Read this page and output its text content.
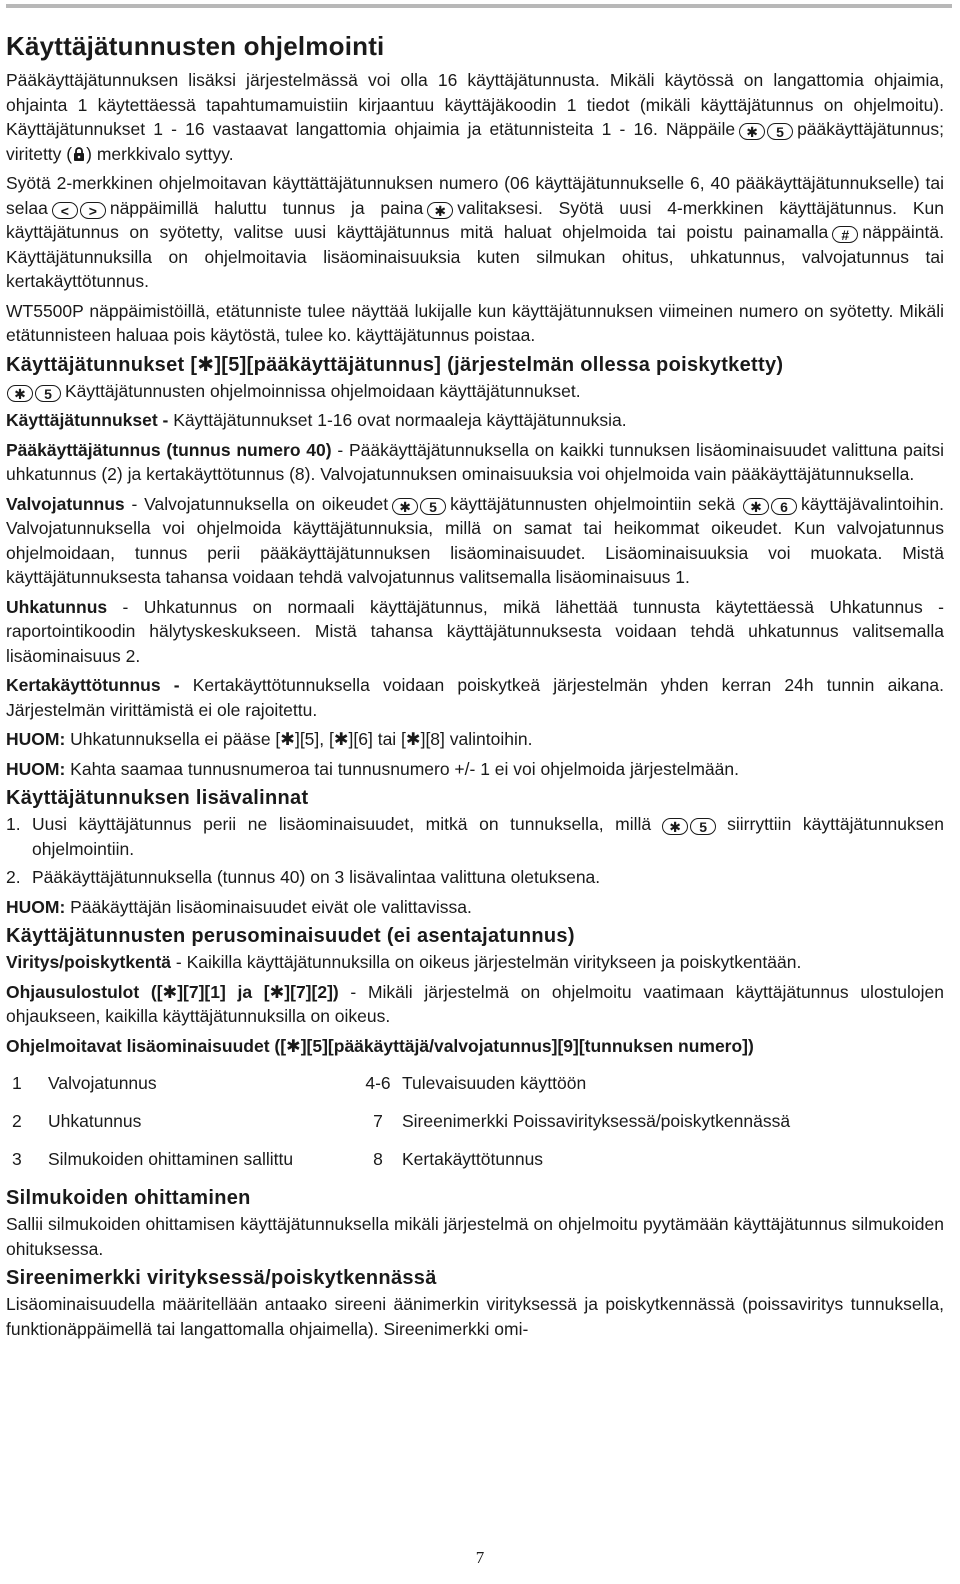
Käyttäjätunnusten ohjelmointi

Pääkäyttäjätunnuksen lisäksi järjestelmässä voi olla 16 käyttäjätunnusta. Mikäli käytössä on langattomia ohjaimia, ohjainta 1 käytettäessä tapahtumamuistiin kirjaantuu käyttäjäkoodin 1 tiedot (mikäli käyttäjätunnus on ohjelmoitu). Käyttäjätunnukset 1 - 16 vastaavat langattomia ohjaimia ja etätunnisteita 1 - 16. Näppäile ✱ 5 pääkäyttäjätunnus; viritetty ( ) merkkivalo syttyy.

Syötä 2-merkkinen ohjelmoitavan käyttättäjätunnuksen numero (06 käyttäjätunnukselle 6, 40 pääkäyttäjätunnukselle) tai selaa < > näppäimillä haluttu tunnus ja paina ✱ valitaksesi. Syötä uusi 4-merkkinen käyttäjätunnus. Kun käyttäjätunnus on syötetty, valitse uusi käyttäjätunnus mitä haluat ohjelmoida tai poistu painamalla # näppäintä. Käyttäjätunnuksilla on ohjelmoitavia lisäominaisuuksia kuten silmukan ohitus, uhkatunnus, valvojatunnus tai kertakäyttötunnus.

WT5500P näppäimistöillä, etätunniste tulee näyttää lukijalle kun käyttäjätunnuksen viimeinen numero on syötetty. Mikäli etätunnisteen haluaa pois käytöstä, tulee ko. käyttäjätunnus poistaa.

Käyttäjätunnukset [✱][5][pääkäyttäjätunnus] (järjestelmän ollessa poiskytketty)

✱ 5 Käyttäjätunnusten ohjelmoinnissa ohjelmoidaan käyttäjätunnukset.

Käyttäjätunnukset - Käyttäjätunnukset 1-16 ovat normaaleja käyttäjätunnuksia.

Pääkäyttäjätunnus (tunnus numero 40) - Pääkäyttäjätunnuksella on kaikki tunnuksen lisäominaisuudet valittuna paitsi uhkatunnus (2) ja kertakäyttötunnus (8). Valvojatunnuksen ominaisuuksia voi ohjelmoida vain pääkäyttäjätunnuksella.

Valvojatunnus - Valvojatunnuksella on oikeudet ✱ 5 käyttäjätunnusten ohjelmointiin sekä ✱ 6 käyttäjävalintoihin. Valvojatunnuksella voi ohjelmoida käyttäjätunnuksia, millä on samat tai heikommat oikeudet. Kun valvojatunnus ohjelmoidaan, tunnus perii pääkäyttäjätunnuksen lisäominaisuudet. Lisäominaisuuksia voi muokata. Mistä käyttäjätunnuksesta tahansa voidaan tehdä valvojatunnus valitsemalla lisäominaisuus 1.

Uhkatunnus - Uhkatunnus on normaali käyttäjätunnus, mikä lähettää tunnusta käytettäessä Uhkatunnus -raportointikoodin hälytyskeskukseen. Mistä tahansa käyttäjätunnuksesta voidaan tehdä uhkatunnus valitsemalla lisäominaisuus 2.

Kertakäyttötunnus - Kertakäyttötunnuksella voidaan poiskytkeä järjestelmän yhden kerran 24h tunnin aikana. Järjestelmän virittämistä ei ole rajoitettu.

HUOM: Uhkatunnuksella ei pääse [✱][5], [✱][6] tai [✱][8] valintoihin.

HUOM: Kahta saamaa tunnusnumeroa tai tunnusnumero +/- 1 ei voi ohjelmoida järjestelmään.

Käyttäjätunnuksen lisävalinnat
1. Uusi käyttäjätunnus perii ne lisäominaisuudet, mitkä on tunnuksella, millä ✱ 5 siirryttiin käyttäjätunnuksen ohjelmointiin.
2. Pääkäyttäjätunnuksella (tunnus 40) on 3 lisävalintaa valittuna oletuksena.

HUOM: Pääkäyttäjän lisäominaisuudet eivät ole valittavissa.

Käyttäjätunnusten perusominaisuudet (ei asentajatunnus)

Viritys/poiskytkentä - Kaikilla käyttäjätunnuksilla on oikeus järjestelmän viritykseen ja poiskytkentään.

Ohjausulostulot ([✱][7][1] ja [✱][7][2]) - Mikäli järjestelmä on ohjelmoitu vaatimaan käyttäjätunnus ulostulojen ohjaukseen, kaikilla käyttäjätunnuksilla on oikeus.

Ohjelmoitavat lisäominaisuudet ([✱][5][pääkäyttäjä/valvojatunnus][9][tunnuksen numero])

1	Valvojatunnus	4-6 Tulevaisuuden käyttöön
2	Uhkatunnus	7	Sireenimerkki Poissavirityksessä/poiskytkennässä
3	Silmukoiden ohittaminen sallittu	8	Kertakäyttötunnus
Silmukoiden ohittaminen

Sallii silmukoiden ohittamisen käyttäjätunnuksella mikäli järjestelmä on ohjelmoitu pyytämään käyttäjätunnus silmukoiden ohituksessa.

Sireenimerkki virityksessä/poiskytkennässä

Lisäominaisuudella määritellään antaako sireeni äänimerkin virityksessä ja poiskytkennässä (poissaviritys tunnuksella, funktionäppäimellä tai langattomalla ohjaimella). Sireenimerkki omi-

7
